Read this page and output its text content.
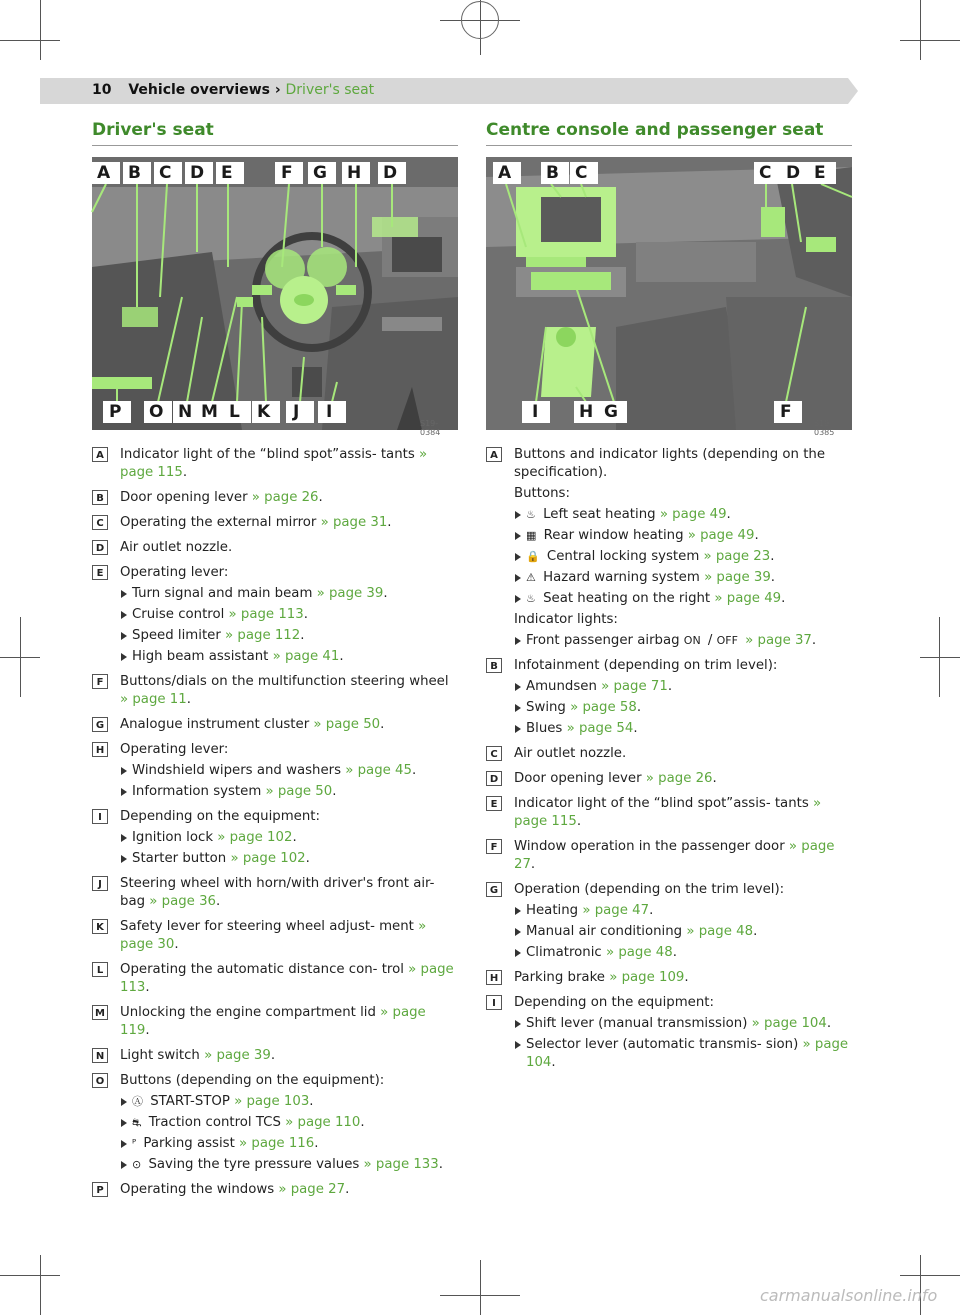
10 Vehicle overviews › Driver's seat
Driver's seat	Centre console and passenger seat
A B C D E	F G H D
P O N M L K J I
S19-0384
A B C	C D E
I H G	F
S19-0385
A	Indicator light of the “blind spot”assis- tants » page 115.
B	Door opening lever » page 26.
C	Operating the external mirror » page 31.
D Air outlet nozzle.
E	Operating lever:
Turn signal and main beam » page 39.
Cruise control » page 113.
Speed limiter » page 112.
High beam assistant » page 41.
F	Buttons/dials on the multifunction steering wheel » page 11.
G Analogue instrument cluster » page 50.
H Operating lever:
Windshield wipers and washers » page 45.
Information system » page 50.
I	Depending on the equipment:
Ignition lock » page 102.
Starter button » page 102.
J	Steering wheel with horn/with driver's front air- bag » page 36.
K	Safety lever for steering wheel adjust- ment » page 30.
L	Operating the automatic distance con- trol » page 113.
M Unlocking the engine compartment lid » page 119.
N Light switch » page 39.
O Buttons (depending on the equipment):
Ⓐ START-STOP » page 103.
⛐ Traction control TCS » page 110.
ᴾ Parking assist » page 116.
⊙ Saving the tyre pressure values » page 133.
P	Operating the windows » page 27.
A	Buttons and indicator lights (depending on the specification).
Buttons:
♨ Left seat heating » page 49.
▦ Rear window heating » page 49.
🔒 Central locking system » page 23.
⚠ Hazard warning system » page 39.
♨ Seat heating on the right » page 49.
Indicator lights:
Front passenger airbag ON / OFF » page 37.
B	Infotainment (depending on trim level):
Amundsen » page 71.
Swing » page 58.
Blues » page 54.
C	Air outlet nozzle.
D Door opening lever » page 26.
E	Indicator light of the “blind spot”assis- tants » page 115.
F	Window operation in the passenger door » page 27.
G Operation (depending on the trim level):
Heating » page 47.
Manual air conditioning » page 48.
Climatronic » page 48.
H Parking brake » page 109.
I	Depending on the equipment:
Shift lever (manual transmission) » page 104.
Selector lever (automatic transmis- sion) » page 104.
carmanualsonline.info
